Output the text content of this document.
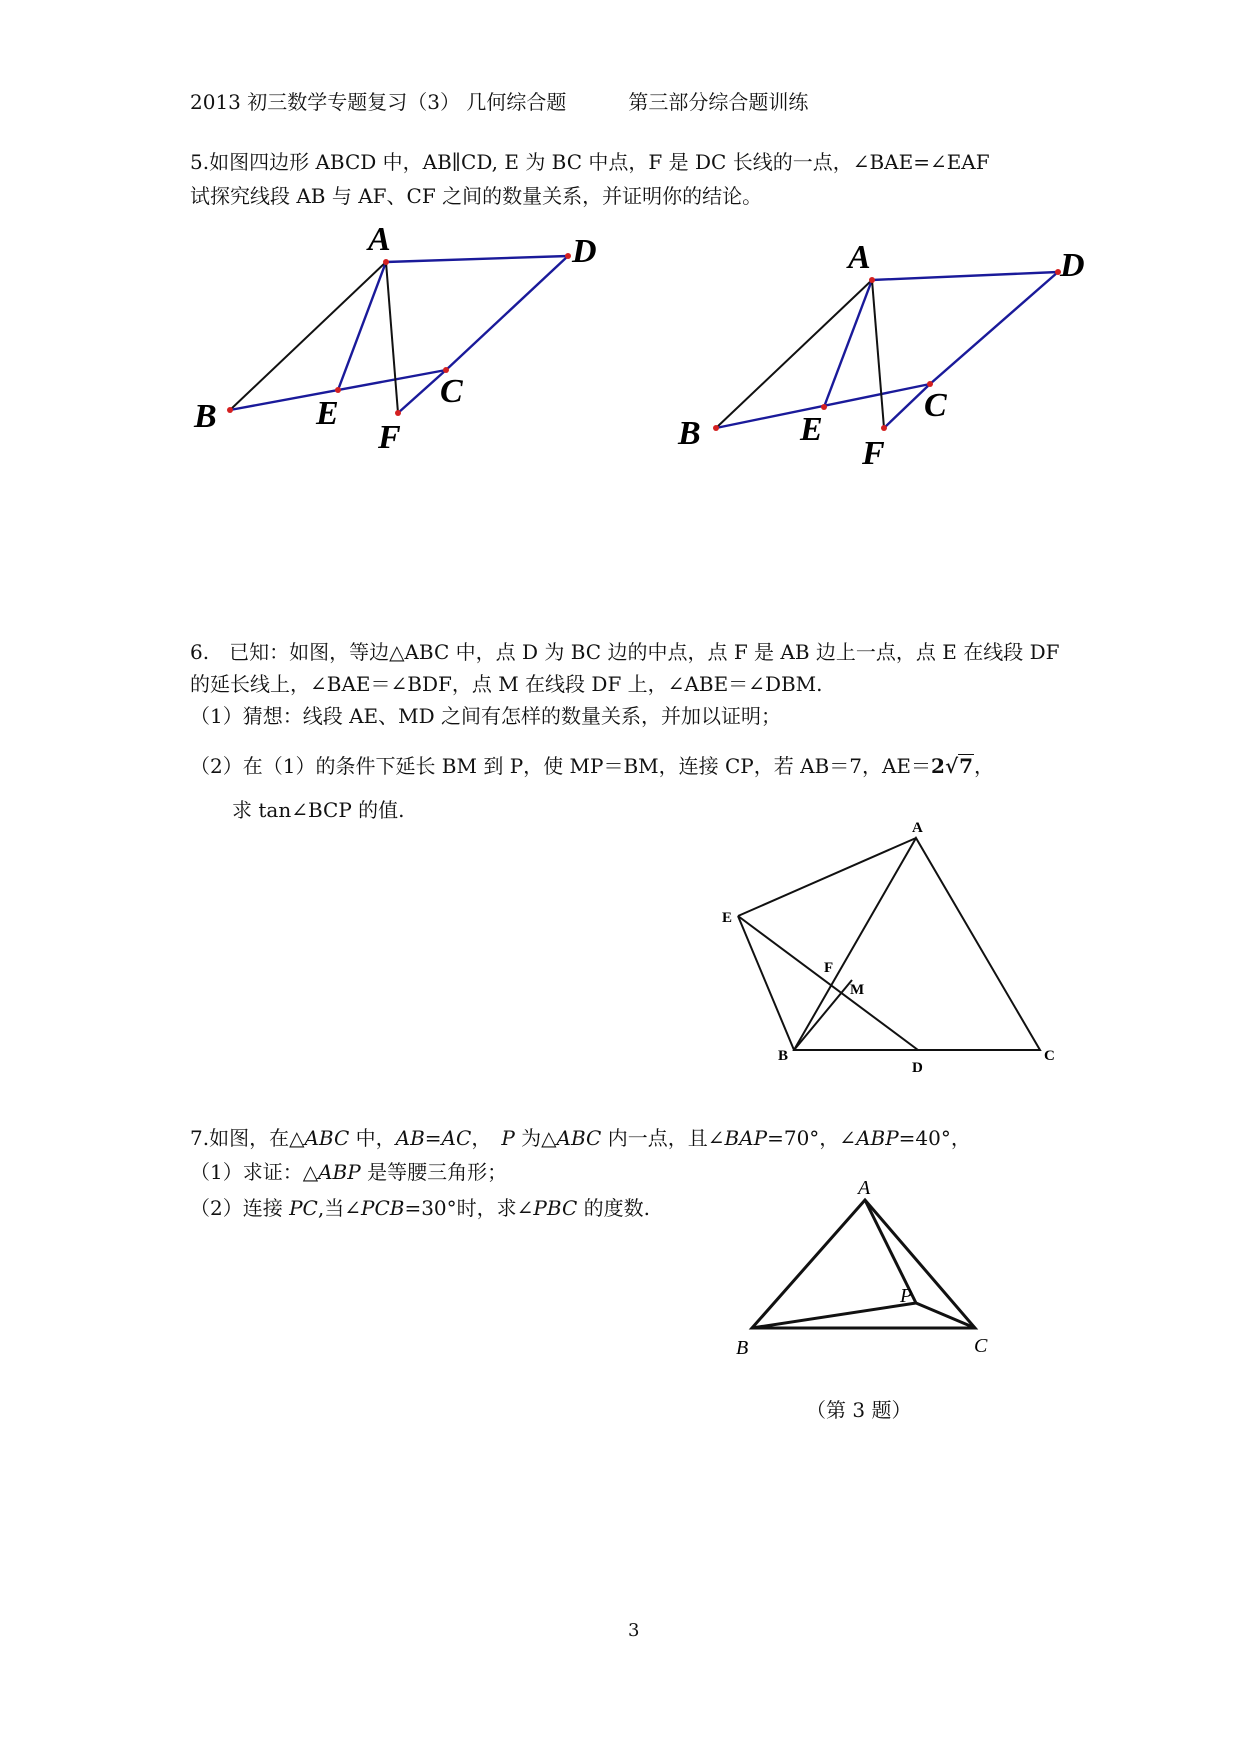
2013 初三数学专题复习（3） 几何综合题	第三部分综合题训练
5.如图四边形 ABCD 中，AB∥CD, E 为 BC 中点，F 是 DC 长线的一点，∠BAE=∠EAF
试探究线段 AB 与 AF、CF 之间的数量关系，并证明你的结论。
A	D
B	E
C
F
A	D
B	E
C
F
6.　已知：如图，等边△ABC 中，点 D 为 BC 边的中点，点 F 是 AB 边上一点，点 E 在线段 DF
的延长线上，∠BAE＝∠BDF，点 M 在线段 DF 上，∠ABE＝∠DBM.
（1）猜想：线段 AE、MD 之间有怎样的数量关系，并加以证明；
（2）在（1）的条件下延长 BM 到 P，使 MP＝BM，连接 CP，若 AB＝7，AE＝2√7，
求 tan∠BCP 的值.
A
E
F
M
B
D
C
7.如图，在△ABC 中，AB=AC，　P 为△ABC 内一点，且∠BAP=70°，∠ABP=40°，
（1）求证：△ABP 是等腰三角形；
（2）连接 PC,当∠PCB=30°时，求∠PBC 的度数.
A
P
B	C
（第 3 题）
3
